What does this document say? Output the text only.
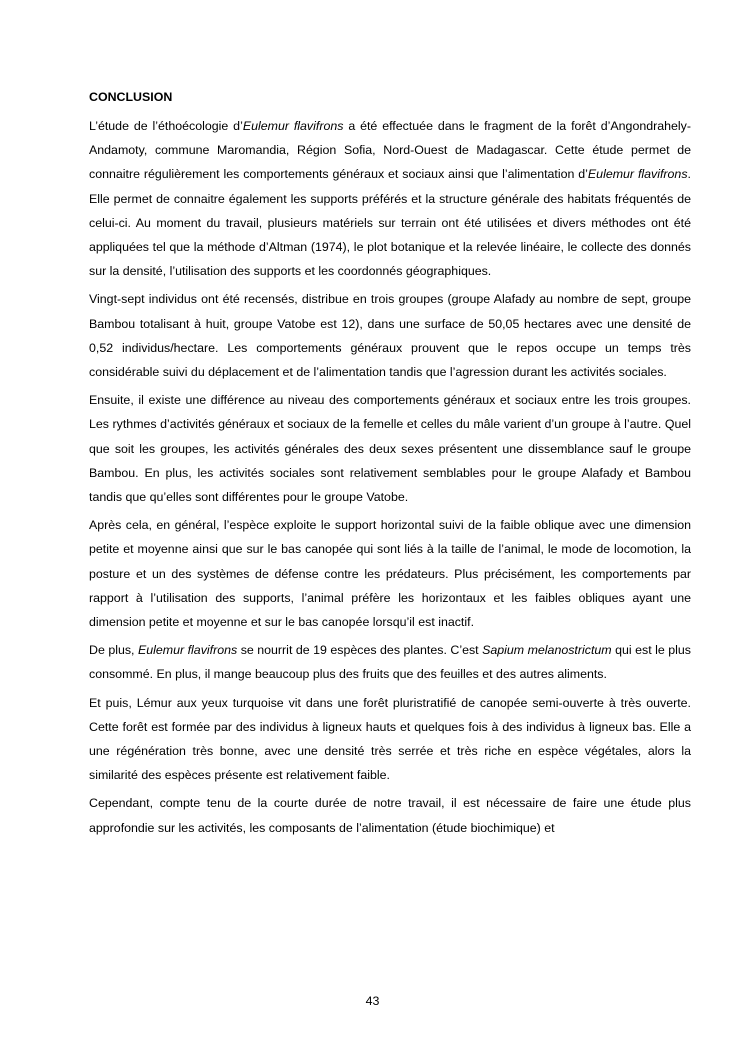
CONCLUSION

L’étude de l’éthoécologie d’Eulemur flavifrons a été effectuée dans le fragment de la forêt d’Angondrahely-Andamoty, commune Maromandia, Région Sofia, Nord-Ouest de Madagascar. Cette étude permet de connaitre régulièrement les comportements généraux et sociaux ainsi que l’alimentation d’Eulemur flavifrons. Elle permet de connaitre également les supports préférés et la structure générale des habitats fréquentés de celui-ci. Au moment du travail, plusieurs matériels sur terrain ont été utilisées et divers méthodes ont été appliquées tel que la méthode d’Altman (1974), le plot botanique et la relevée linéaire, le collecte des donnés sur la densité, l’utilisation des supports et les coordonnés géographiques.

Vingt-sept individus ont été recensés, distribue en trois groupes (groupe Alafady au nombre de sept, groupe Bambou totalisant à huit, groupe Vatobe est 12), dans une surface de 50,05 hectares avec une densité de 0,52 individus/hectare. Les comportements généraux prouvent que le repos occupe un temps très considérable suivi du déplacement et de l’alimentation tandis que l’agression durant les activités sociales.

Ensuite, il existe une différence au niveau des comportements généraux et sociaux entre les trois groupes. Les rythmes d’activités généraux et sociaux de la femelle et celles du mâle varient d’un groupe à l’autre. Quel que soit les groupes, les activités générales des deux sexes présentent une dissemblance sauf le groupe Bambou. En plus, les activités sociales sont relativement semblables pour le groupe Alafady et Bambou tandis que qu’elles sont différentes pour le groupe Vatobe.

Après cela, en général, l’espèce exploite le support horizontal suivi de la faible oblique avec une dimension petite et moyenne ainsi que sur le bas canopée qui sont liés à la taille de l’animal, le mode de locomotion, la posture et un des systèmes de défense contre les prédateurs. Plus précisément, les comportements par rapport à l’utilisation des supports, l’animal préfère les horizontaux et les faibles obliques ayant une dimension petite et moyenne et sur le bas canopée lorsqu’il est inactif.

De plus, Eulemur flavifrons se nourrit de 19 espèces des plantes. C’est Sapium melanostrictum qui est le plus consommé. En plus, il mange beaucoup plus des fruits que des feuilles et des autres aliments.

Et puis, Lémur aux yeux turquoise vit dans une forêt pluristratifié de canopée semi-ouverte à très ouverte. Cette forêt est formée par des individus à ligneux hauts et quelques fois à des individus à ligneux bas. Elle a une régénération très bonne, avec une densité très serrée et très riche en espèce végétales, alors la similarité des espèces présente est relativement faible.

Cependant, compte tenu de la courte durée de notre travail, il est nécessaire de faire une étude plus approfondie sur les activités, les composants de l’alimentation (étude biochimique) et

43
